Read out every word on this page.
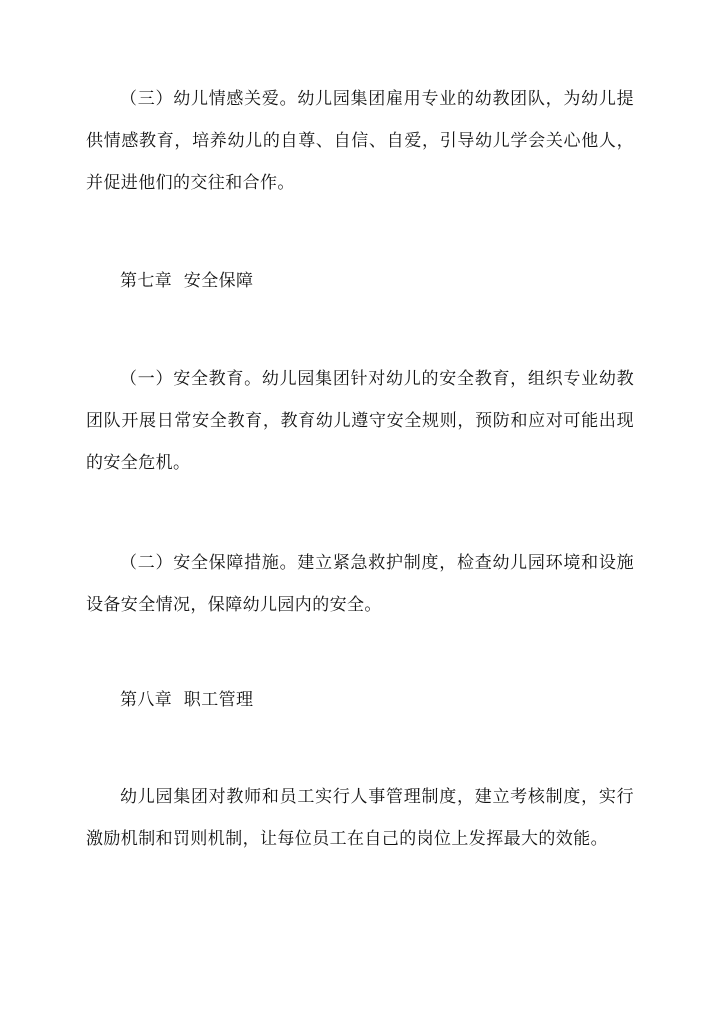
（三）幼儿情感关爱。幼儿园集团雇用专业的幼教团队，为幼儿提供情感教育，培养幼儿的自尊、自信、自爱，引导幼儿学会关心他人，并促进他们的交往和合作。

第七章  安全保障

（一）安全教育。幼儿园集团针对幼儿的安全教育，组织专业幼教团队开展日常安全教育，教育幼儿遵守安全规则，预防和应对可能出现的安全危机。

（二）安全保障措施。建立紧急救护制度，检查幼儿园环境和设施设备安全情况，保障幼儿园内的安全。

第八章  职工管理

幼儿园集团对教师和员工实行人事管理制度，建立考核制度，实行激励机制和罚则机制，让每位员工在自己的岗位上发挥最大的效能。
